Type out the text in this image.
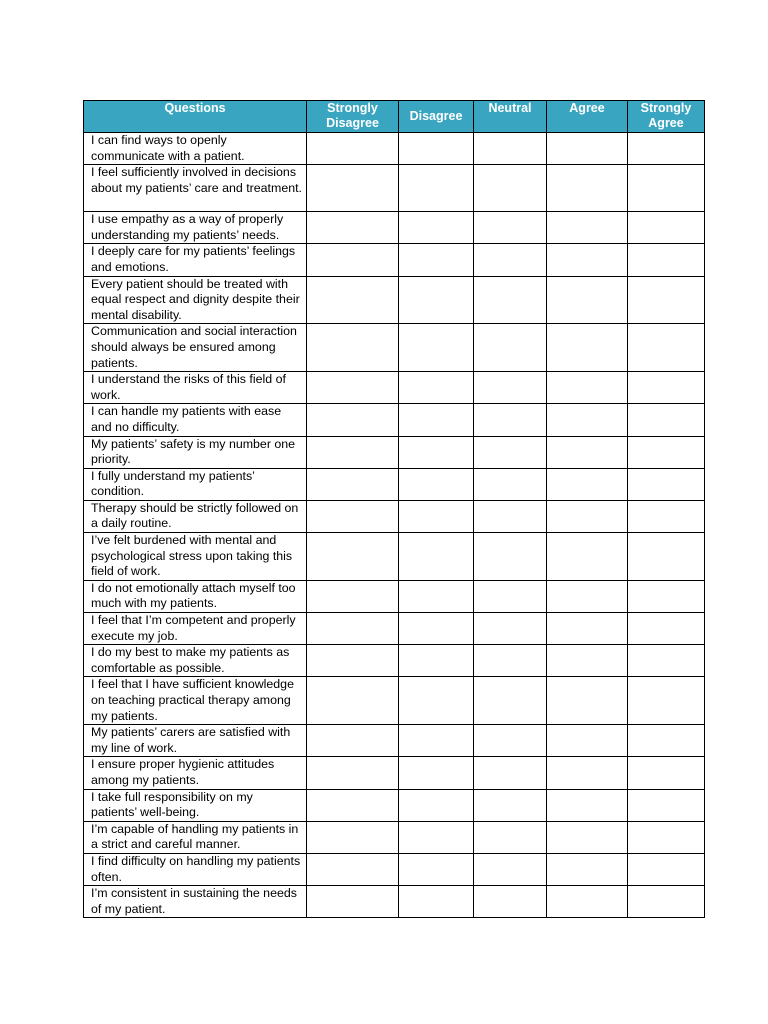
Questions	Strongly Disagree	Disagree	Neutral	Agree	Strongly Agree
I can find ways to openly communicate with a patient.					
I feel sufficiently involved in decisions about my patients’ care and treatment.					
I use empathy as a way of properly understanding my patients’ needs.					
I deeply care for my patients’ feelings and emotions.					
Every patient should be treated with equal respect and dignity despite their mental disability.					
Communication and social interaction should always be ensured among patients.					
I understand the risks of this field of work.					
I can handle my patients with ease and no difficulty.					
My patients’ safety is my number one priority.					
I fully understand my patients’ condition.					
Therapy should be strictly followed on a daily routine.					
I’ve felt burdened with mental and psychological stress upon taking this field of work.					
I do not emotionally attach myself too much with my patients.					
I feel that I’m competent and properly execute my job.					
I do my best to make my patients as comfortable as possible.					
I feel that I have sufficient knowledge on teaching practical therapy among my patients.					
My patients’ carers are satisfied with my line of work.					
I ensure proper hygienic attitudes among my patients.					
I take full responsibility on my patients’ well-being.					
I’m capable of handling my patients in a strict and careful manner.					
I find difficulty on handling my patients often.					
I’m consistent in sustaining the needs of my patient.					
